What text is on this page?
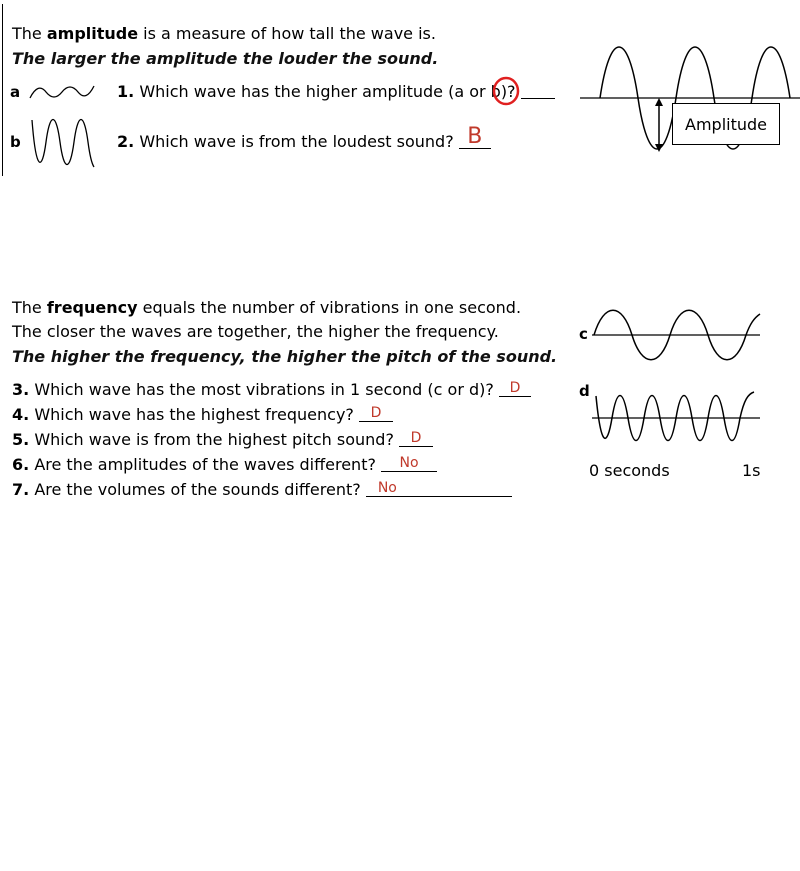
The amplitude is a measure of how tall the wave is.
The larger the amplitude the louder the sound.
a
b
1. Which wave has the higher amplitude (a or b)?
2. Which wave is from the loudest sound? B	Amplitude
The frequency equals the number of vibrations in one second.
The closer the waves are together, the higher the frequency.
The higher the frequency, the higher the pitch of the sound.
3. Which wave has the most vibrations in 1 second (c or d)?	D
4. Which wave has the highest frequency?	D
5. Which wave is from the highest pitch sound?	D
6. Are the amplitudes of the waves different?	No
7. Are the volumes of the sounds different?	No
c
d
0 seconds	1s
